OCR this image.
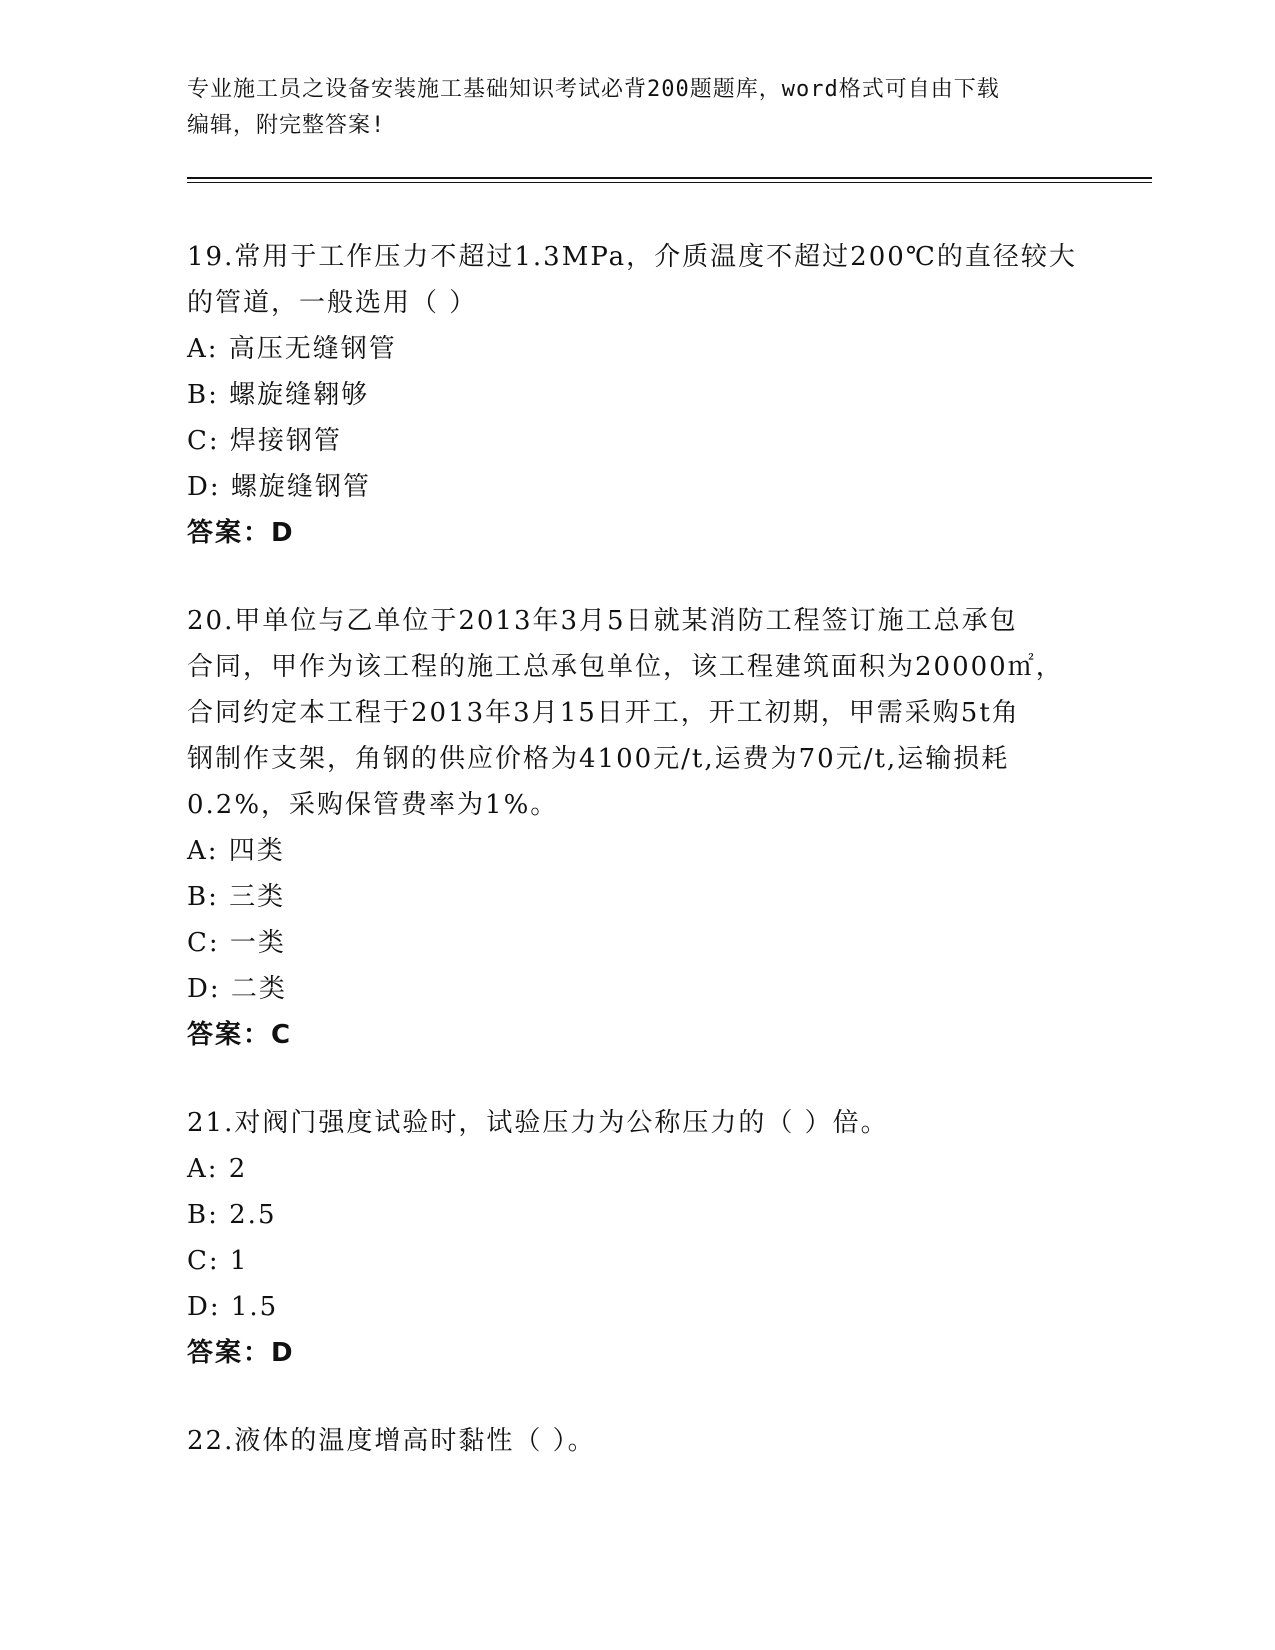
专业施工员之设备安装施工基础知识考试必背200题题库，word格式可自由下载
编辑，附完整答案!
19.常用于工作压力不超过1.3MPa，介质温度不超过200℃的直径较大
的管道，一般选用（ ）
A: 高压无缝钢管
B: 螺旋缝翱够
C: 焊接钢管
D: 螺旋缝钢管
答案：D
20.甲单位与乙单位于2013年3月5日就某消防工程签订施工总承包
合同，甲作为该工程的施工总承包单位，该工程建筑面积为20000㎡，
合同约定本工程于2013年3月15日开工，开工初期，甲需采购5t角
钢制作支架，角钢的供应价格为4100元/t,运费为70元/t,运输损耗
0.2%，采购保管费率为1%。
A: 四类
B: 三类
C: 一类
D: 二类
答案：C
21.对阀门强度试验时，试验压力为公称压力的（ ）倍。
A: 2
B: 2.5
C: 1
D: 1.5
答案：D
22.液体的温度增高时黏性（ ）。
